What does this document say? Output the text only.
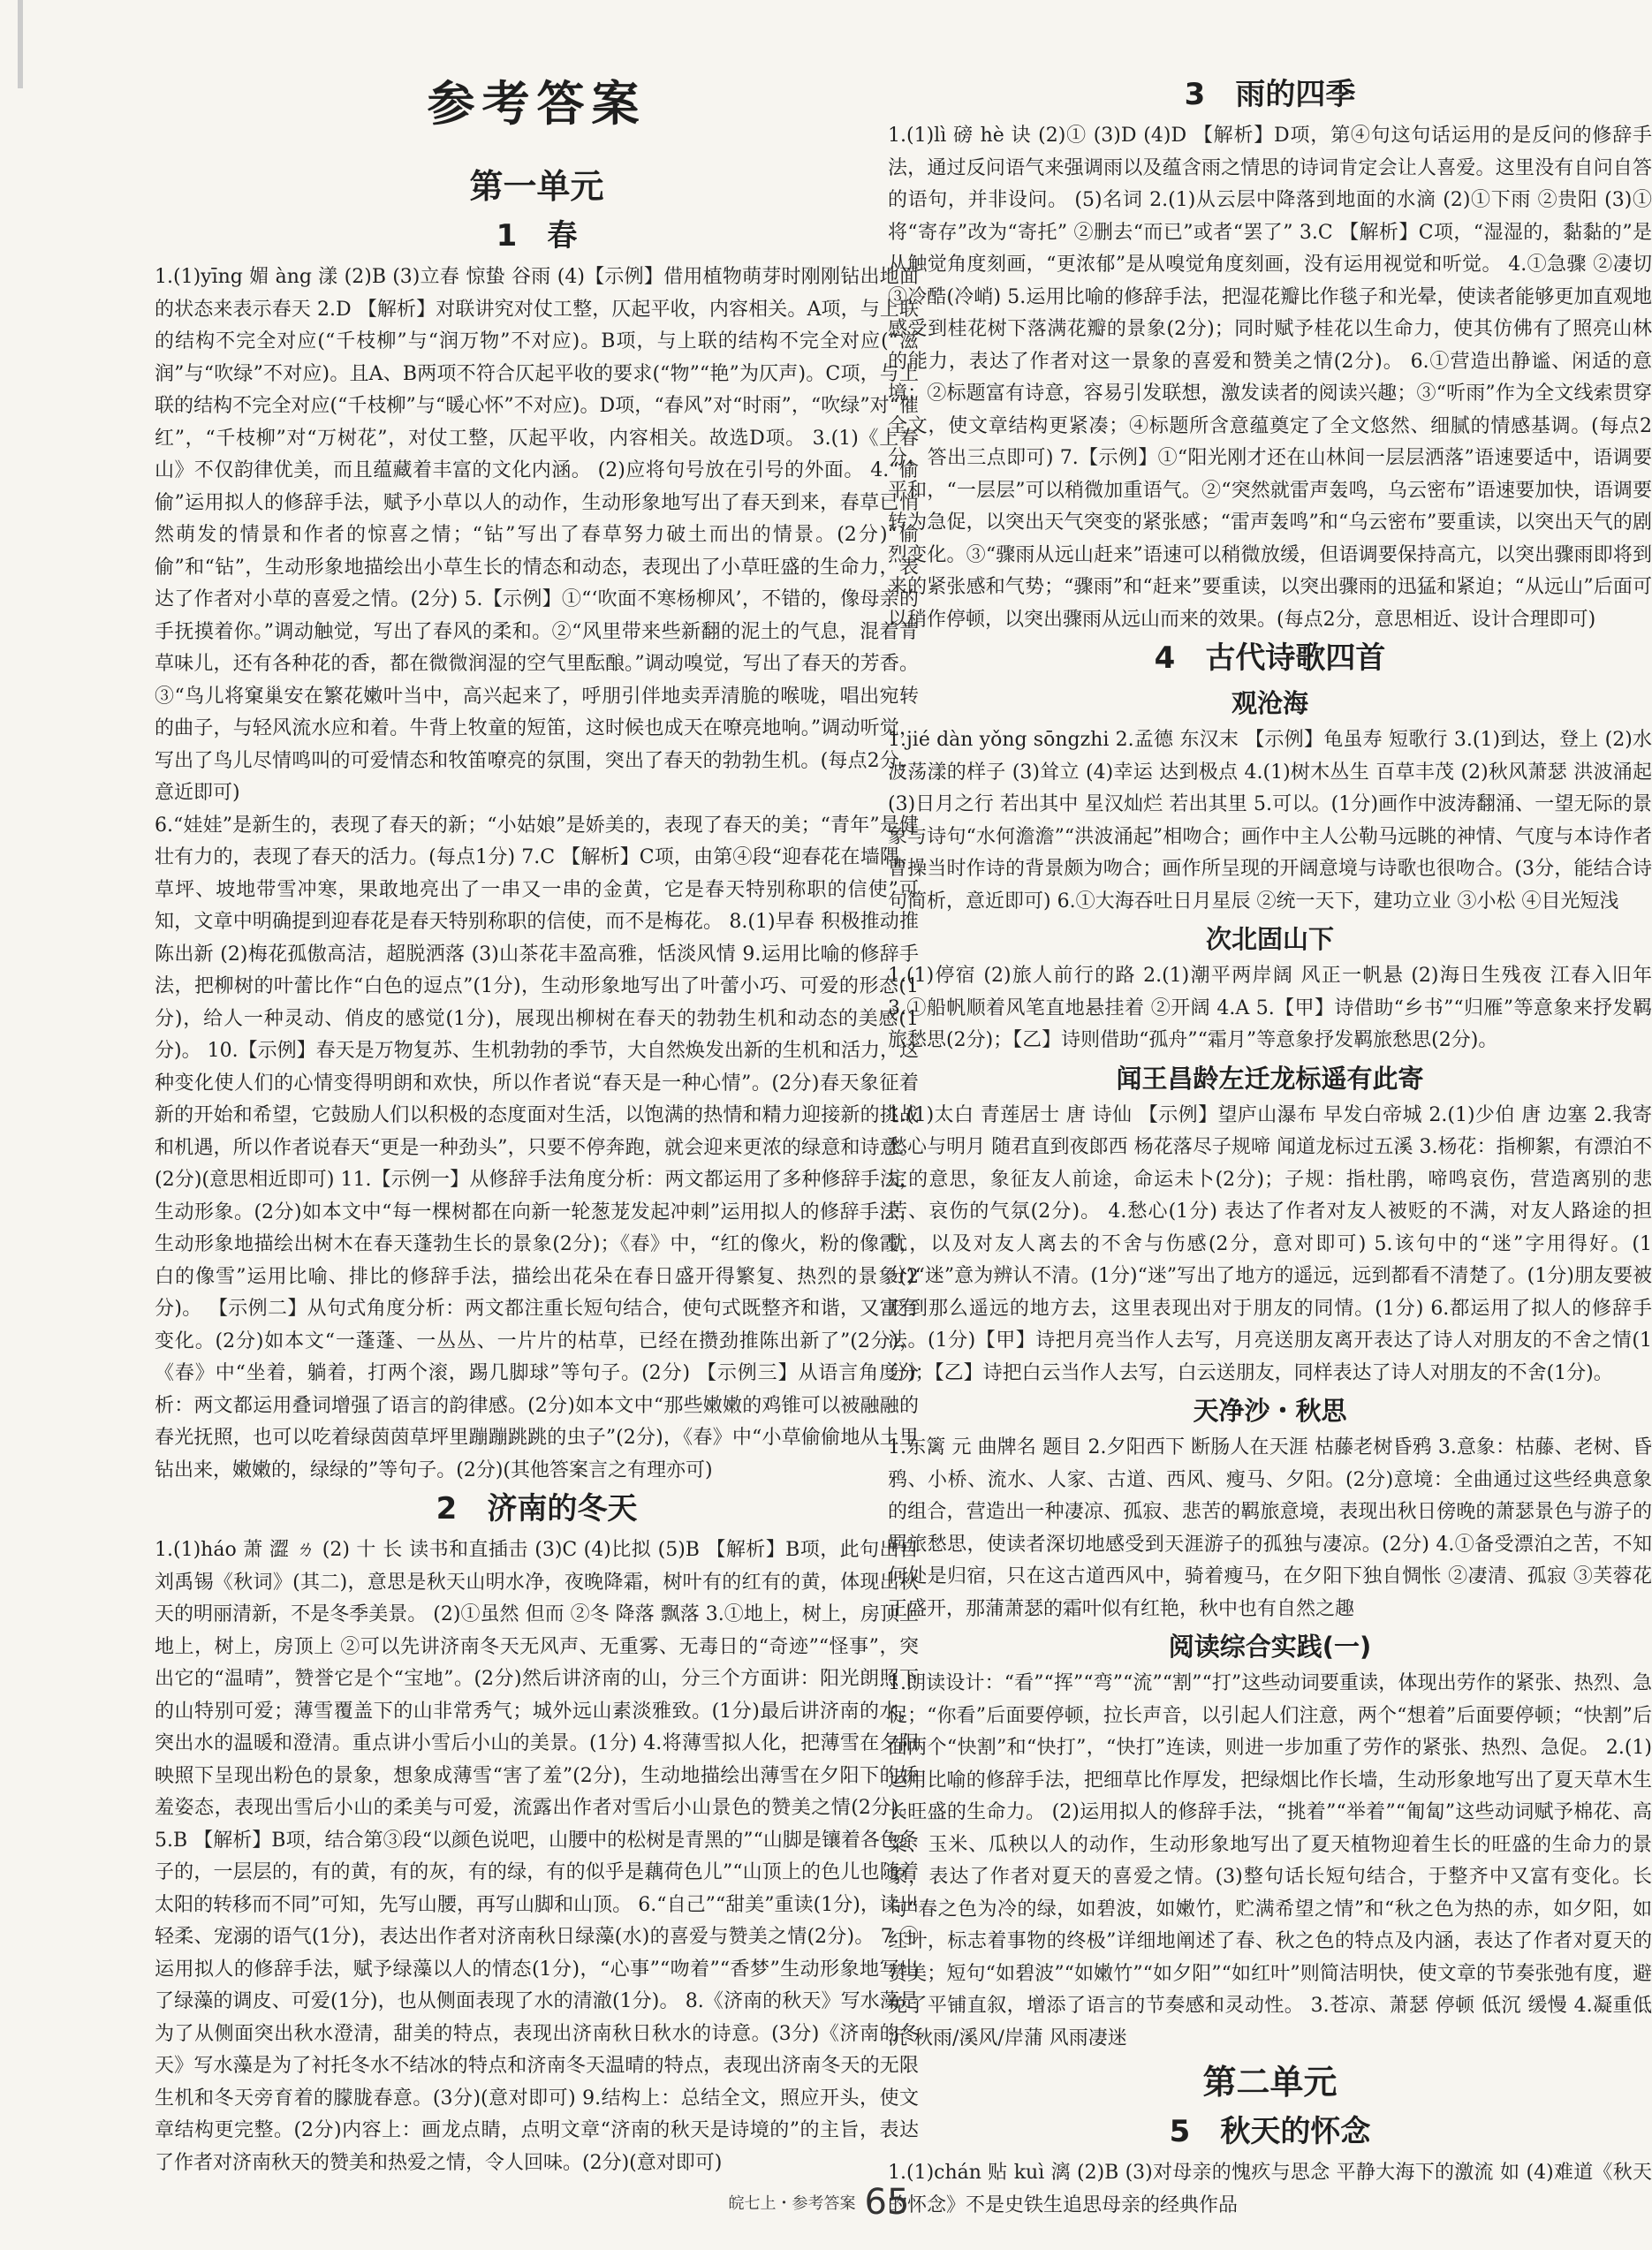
参考答案
第一单元
1　春

1.(1)yīng 媚 àng 漾 (2)B (3)立春 惊蛰 谷雨 (4)【示例】借用植物萌芽时刚刚钻出地面的状态来表示春天 2.D 【解析】对联讲究对仗工整，仄起平收，内容相关。A项，与上联的结构不完全对应(“千枝柳”与“润万物”不对应)。B项，与上联的结构不完全对应(“滋润”与“吹绿”不对应)。且A、B两项不符合仄起平收的要求(“物”“艳”为仄声)。C项，与上联的结构不完全对应(“千枝柳”与“暖心怀”不对应)。D项，“春风”对“时雨”，“吹绿”对“催红”，“千枝柳”对“万树花”，对仗工整，仄起平收，内容相关。故选D项。 3.(1)《上春山》不仅韵律优美，而且蕴藏着丰富的文化内涵。 (2)应将句号放在引号的外面。 4.“偷偷”运用拟人的修辞手法，赋予小草以人的动作，生动形象地写出了春天到来，春草已悄然萌发的情景和作者的惊喜之情；“钻”写出了春草努力破土而出的情景。(2分)“偷偷”和“钻”，生动形象地描绘出小草生长的情态和动态，表现出了小草旺盛的生命力，表达了作者对小草的喜爱之情。(2分) 5.【示例】①“‘吹面不寒杨柳风’，不错的，像母亲的手抚摸着你。”调动触觉，写出了春风的柔和。②“风里带来些新翻的泥土的气息，混着青草味儿，还有各种花的香，都在微微润湿的空气里酝酿。”调动嗅觉，写出了春天的芳香。③“鸟儿将窠巢安在繁花嫩叶当中，高兴起来了，呼朋引伴地卖弄清脆的喉咙，唱出宛转的曲子，与轻风流水应和着。牛背上牧童的短笛，这时候也成天在嘹亮地响。”调动听觉，写出了鸟儿尽情鸣叫的可爱情态和牧笛嘹亮的氛围，突出了春天的勃勃生机。(每点2分，意近即可)

6.“娃娃”是新生的，表现了春天的新；“小姑娘”是娇美的，表现了春天的美；“青年”是健壮有力的，表现了春天的活力。(每点1分) 7.C 【解析】C项，由第④段“迎春花在墙隅、草坪、坡地带雪冲寒，果敢地亮出了一串又一串的金黄，它是春天特别称职的信使”可知，文章中明确提到迎春花是春天特别称职的信使，而不是梅花。 8.(1)早春 积极推动推陈出新 (2)梅花孤傲高洁，超脱洒落 (3)山茶花丰盈高雅，恬淡风情 9.运用比喻的修辞手法，把柳树的叶蕾比作“白色的逗点”(1分)，生动形象地写出了叶蕾小巧、可爱的形态(1分)，给人一种灵动、俏皮的感觉(1分)，展现出柳树在春天的勃勃生机和动态的美感(1分)。 10.【示例】春天是万物复苏、生机勃勃的季节，大自然焕发出新的生机和活力，这种变化使人们的心情变得明朗和欢快，所以作者说“春天是一种心情”。(2分)春天象征着新的开始和希望，它鼓励人们以积极的态度面对生活，以饱满的热情和精力迎接新的挑战和机遇，所以作者说春天“更是一种劲头”，只要不停奔跑，就会迎来更浓的绿意和诗意。(2分)(意思相近即可) 11.【示例一】从修辞手法角度分析：两文都运用了多种修辞手法，生动形象。(2分)如本文中“每一棵树都在向新一轮葱茏发起冲刺”运用拟人的修辞手法，生动形象地描绘出树木在春天蓬勃生长的景象(2分)；《春》中，“红的像火，粉的像霞，白的像雪”运用比喻、排比的修辞手法，描绘出花朵在春日盛开得繁复、热烈的景象(2分)。 【示例二】从句式角度分析：两文都注重长短句结合，使句式既整齐和谐，又富有变化。(2分)如本文“一蓬蓬、一丛丛、一片片的枯草，已经在攒劲推陈出新了”(2分)，《春》中“坐着，躺着，打两个滚，踢几脚球”等句子。(2分) 【示例三】从语言角度分析：两文都运用叠词增强了语言的韵律感。(2分)如本文中“那些嫩嫩的鸡锥可以被融融的春光抚照，也可以吃着绿茵茵草坪里蹦蹦跳跳的虫子”(2分)，《春》中“小草偷偷地从土里钻出来，嫩嫩的，绿绿的”等句子。(2分)(其他答案言之有理亦可)

2　济南的冬天

1.(1)háo 萧 澀 ㄌ (2) 十 长 读书和直插击 (3)C (4)比拟 (5)B 【解析】B项，此句出自刘禹锡《秋词》(其二)，意思是秋天山明水净，夜晚降霜，树叶有的红有的黄，体现出秋天的明丽清新，不是冬季美景。 (2)①虽然 但而 ②冬 降落 飘落 3.①地上，树上，房顶上 地上，树上，房顶上 ②可以先讲济南冬天无风声、无重雾、无毒日的“奇迹”“怪事”，突出它的“温晴”，赞誉它是个“宝地”。(2分)然后讲济南的山，分三个方面讲：阳光朗照下的山特别可爱；薄雪覆盖下的山非常秀气；城外远山素淡雅致。(1分)最后讲济南的水，突出水的温暖和澄清。重点讲小雪后小山的美景。(1分) 4.将薄雪拟人化，把薄雪在夕阳映照下呈现出粉色的景象，想象成薄雪“害了羞”(2分)，生动地描绘出薄雪在夕阳下的娇羞姿态，表现出雪后小山的柔美与可爱，流露出作者对雪后小山景色的赞美之情(2分)。 5.B 【解析】B项，结合第③段“以颜色说吧，山腰中的松树是青黑的”“山脚是镶着各色条子的，一层层的，有的黄，有的灰，有的绿，有的似乎是藕荷色儿”“山顶上的色儿也随着太阳的转移而不同”可知，先写山腰，再写山脚和山顶。 6.“自己”“甜美”重读(1分)，读出轻柔、宠溺的语气(1分)，表达出作者对济南秋日绿藻(水)的喜爱与赞美之情(2分)。 7.④运用拟人的修辞手法，赋予绿藻以人的情态(1分)，“心事”“吻着”“香梦”生动形象地写出了绿藻的调皮、可爱(1分)，也从侧面表现了水的清澈(1分)。 8.《济南的秋天》写水藻是为了从侧面突出秋水澄清，甜美的特点，表现出济南秋日秋水的诗意。(3分)《济南的冬天》写水藻是为了衬托冬水不结冰的特点和济南冬天温晴的特点，表现出济南冬天的无限生机和冬天旁育着的朦胧春意。(3分)(意对即可) 9.结构上：总结全文，照应开头，使文章结构更完整。(2分)内容上：画龙点睛，点明文章“济南的秋天是诗境的”的主旨，表达了作者对济南秋天的赞美和热爱之情，令人回味。(2分)(意对即可)

3　雨的四季

1.(1)lì 磅 hè 诀 (2)① (3)D (4)D 【解析】D项，第④句这句话运用的是反问的修辞手法，通过反问语气来强调雨以及蕴含雨之情思的诗词肯定会让人喜爱。这里没有自问自答的语句，并非设问。 (5)名词 2.(1)从云层中降落到地面的水滴 (2)①下雨 ②贵阳 (3)①将“寄存”改为“寄托” ②删去“而已”或者“罢了” 3.C 【解析】C项，“湿湿的，黏黏的”是从触觉角度刻画，“更浓郁”是从嗅觉角度刻画，没有运用视觉和听觉。 4.①急骤 ②凄切 ③冷酷(冷峭) 5.运用比喻的修辞手法，把湿花瓣比作毯子和光晕，使读者能够更加直观地感受到桂花树下落满花瓣的景象(2分)；同时赋予桂花以生命力，使其仿佛有了照亮山林的能力，表达了作者对这一景象的喜爱和赞美之情(2分)。 6.①营造出静谧、闲适的意境；②标题富有诗意，容易引发联想，激发读者的阅读兴趣；③“听雨”作为全文线索贯穿全文，使文章结构更紧凑；④标题所含意蕴奠定了全文悠然、细腻的情感基调。(每点2分，答出三点即可) 7.【示例】①“阳光刚才还在山林间一层层洒落”语速要适中，语调要平和，“一层层”可以稍微加重语气。②“突然就雷声轰鸣，乌云密布”语速要加快，语调要转为急促，以突出天气突变的紧张感；“雷声轰鸣”和“乌云密布”要重读，以突出天气的剧烈变化。③“骤雨从远山赶来”语速可以稍微放缓，但语调要保持高亢，以突出骤雨即将到来的紧张感和气势；“骤雨”和“赶来”要重读，以突出骤雨的迅猛和紧迫；“从远山”后面可以稍作停顿，以突出骤雨从远山而来的效果。(每点2分，意思相近、设计合理即可)

4　古代诗歌四首
观沧海

1.jié dàn yǒng sōngzhi 2.孟德 东汉末 【示例】龟虽寿 短歌行 3.(1)到达，登上 (2)水波荡漾的样子 (3)耸立 (4)幸运 达到极点 4.(1)树木丛生 百草丰茂 (2)秋风萧瑟 洪波涌起 (3)日月之行 若出其中 星汉灿烂 若出其里 5.可以。(1分)画作中波涛翻涌、一望无际的景象与诗句“水何澹澹”“洪波涌起”相吻合；画作中主人公勒马远眺的神情、气度与本诗作者曹操当时作诗的背景颇为吻合；画作所呈现的开阔意境与诗歌也很吻合。(3分，能结合诗句简析，意近即可) 6.①大海吞吐日月星辰 ②统一天下，建功立业 ③小松 ④目光短浅

次北固山下

1.(1)停宿 (2)旅人前行的路 2.(1)潮平两岸阔 风正一帆悬 (2)海日生残夜 江春入旧年 3.①船帆顺着风笔直地悬挂着 ②开阔 4.A 5.【甲】诗借助“乡书”“归雁”等意象来抒发羁旅愁思(2分)；【乙】诗则借助“孤舟”“霜月”等意象抒发羁旅愁思(2分)。

闻王昌龄左迁龙标遥有此寄

1.(1)太白 青莲居士 唐 诗仙 【示例】望庐山瀑布 早发白帝城 2.(1)少伯 唐 边塞 2.我寄愁心与明月 随君直到夜郎西 杨花落尽子规啼 闻道龙标过五溪 3.杨花：指柳絮，有漂泊不定的意思，象征友人前途，命运未卜(2分)；子规：指杜鹃，啼鸣哀伤，营造离别的悲苦、哀伤的气氛(2分)。 4.愁心(1分) 表达了作者对友人被贬的不满，对友人路途的担忧，以及对友人离去的不舍与伤感(2分，意对即可) 5.该句中的“迷”字用得好。(1分)“迷”意为辨认不清。(1分)“迷”写出了地方的遥远，远到都看不清楚了。(1分)朋友要被贬到那么遥远的地方去，这里表现出对于朋友的同情。(1分) 6.都运用了拟人的修辞手法。(1分)【甲】诗把月亮当作人去写，月亮送朋友离开表达了诗人对朋友的不舍之情(1分)；【乙】诗把白云当作人去写，白云送朋友，同样表达了诗人对朋友的不舍(1分)。

天净沙・秋思

1.东篱 元 曲牌名 题目 2.夕阳西下 断肠人在天涯 枯藤老树昏鸦 3.意象：枯藤、老树、昏鸦、小桥、流水、人家、古道、西风、瘦马、夕阳。(2分)意境：全曲通过这些经典意象的组合，营造出一种凄凉、孤寂、悲苦的羁旅意境，表现出秋日傍晚的萧瑟景色与游子的羁旅愁思，使读者深切地感受到天涯游子的孤独与凄凉。(2分) 4.①备受漂泊之苦，不知何处是归宿，只在这古道西风中，骑着瘦马，在夕阳下独自惆怅 ②凄清、孤寂 ③芙蓉花正盛开，那蒲萧瑟的霜叶似有红艳，秋中也有自然之趣

阅读综合实践(一)

1.朗读设计：“看”“挥”“弯”“流”“割”“打”这些动词要重读，体现出劳作的紧张、热烈、急促；“你看”后面要停顿，拉长声音，以引起人们注意，两个“想着”后面要停顿；“快割”后面两个“快割”和“快打”，“快打”连读，则进一步加重了劳作的紧张、热烈、急促。 2.(1)运用比喻的修辞手法，把细草比作厚发，把绿烟比作长墙，生动形象地写出了夏天草木生长旺盛的生命力。 (2)运用拟人的修辞手法，“挑着”“举着”“匍匐”这些动词赋予棉花、高粱、玉米、瓜秧以人的动作，生动形象地写出了夏天植物迎着生长的旺盛的生命力的景象，表达了作者对夏天的喜爱之情。(3)整句话长短句结合，于整齐中又富有变化。长句“春之色为冷的绿，如碧波，如嫩竹，贮满希望之情”和“秋之色为热的赤，如夕阳，如红叶，标志着事物的终极”详细地阐述了春、秋之色的特点及内涵，表达了作者对夏天的赞美；短句“如碧波”“如嫩竹”“如夕阳”“如红叶”则简洁明快，使文章的节奏张弛有度，避免了平铺直叙，增添了语言的节奏感和灵动性。 3.苍凉、萧瑟 停顿 低沉 缓慢 4.凝重低沉 秋雨/溪风/岸蒲 风雨凄迷

第二单元
5　秋天的怀念

1.(1)chán 贴 kuì 漓 (2)B (3)对母亲的愧疚与思念 平静大海下的激流 如 (4)难道《秋天的怀念》不是史铁生追思母亲的经典作品

皖七上・参考答案 65
